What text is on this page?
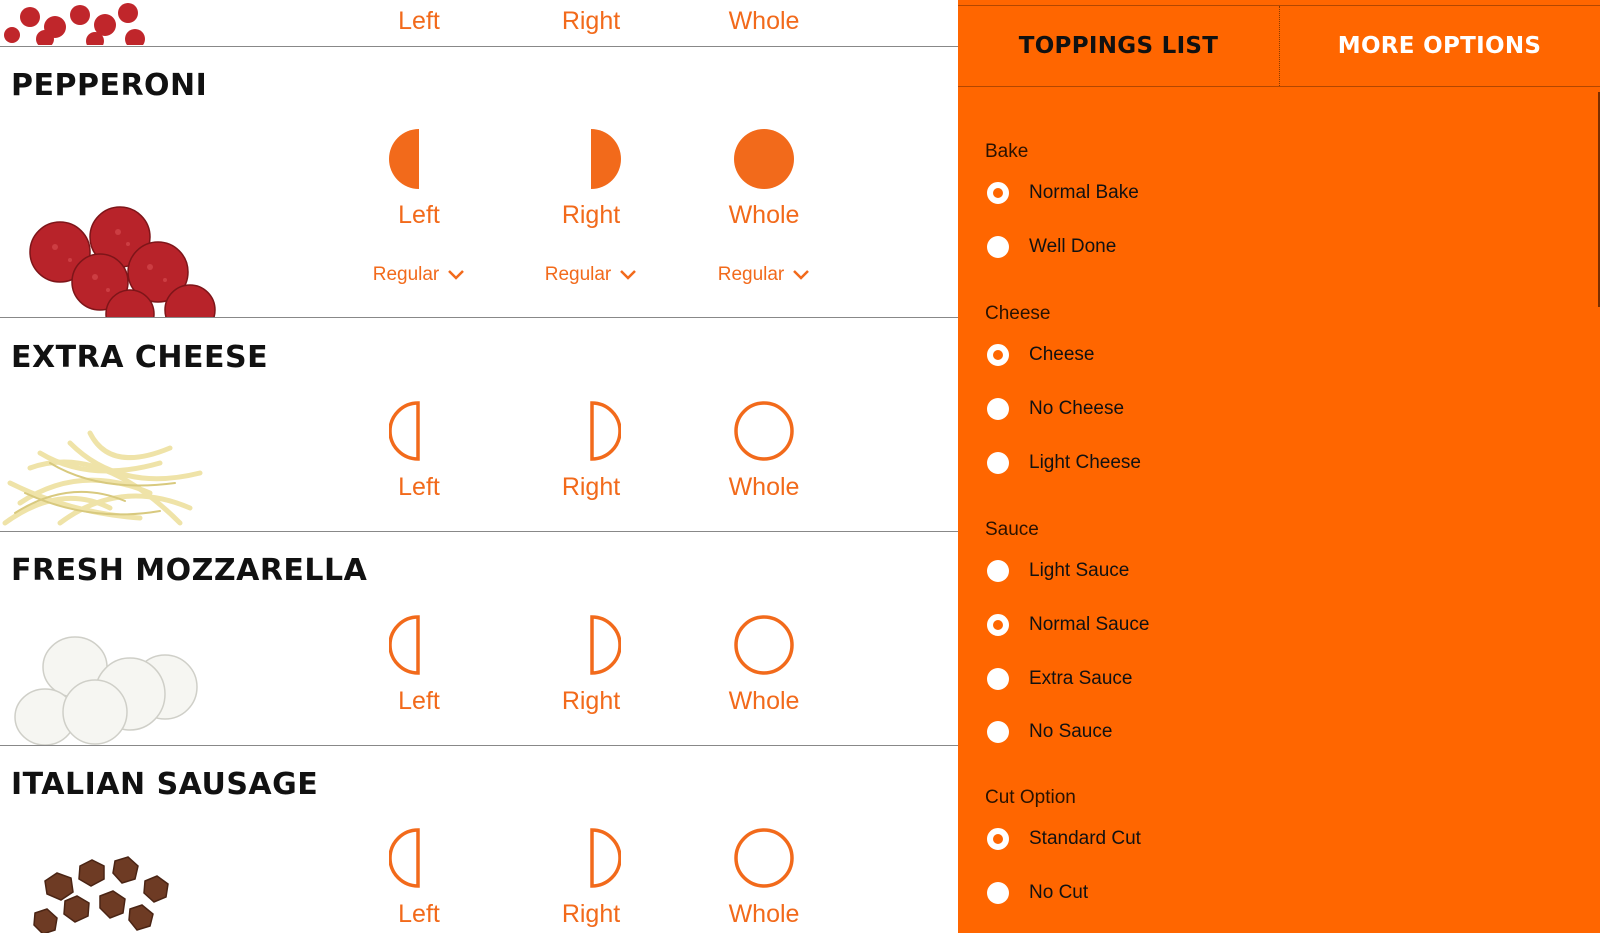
Left	Right	Whole
PEPPERONI
Left	Right	Whole
Regular	Regular	Regular
EXTRA CHEESE
Left	Right	Whole
FRESH MOZZARELLA
Left	Right	Whole
ITALIAN SAUSAGE
Left	Right	Whole
TOPPINGS LIST	MORE OPTIONS
Bake
Normal Bake
Well Done
Cheese
Cheese
No Cheese
Light Cheese
Sauce
Light Sauce
Normal Sauce
Extra Sauce
No Sauce
Cut Option
Standard Cut
No Cut
